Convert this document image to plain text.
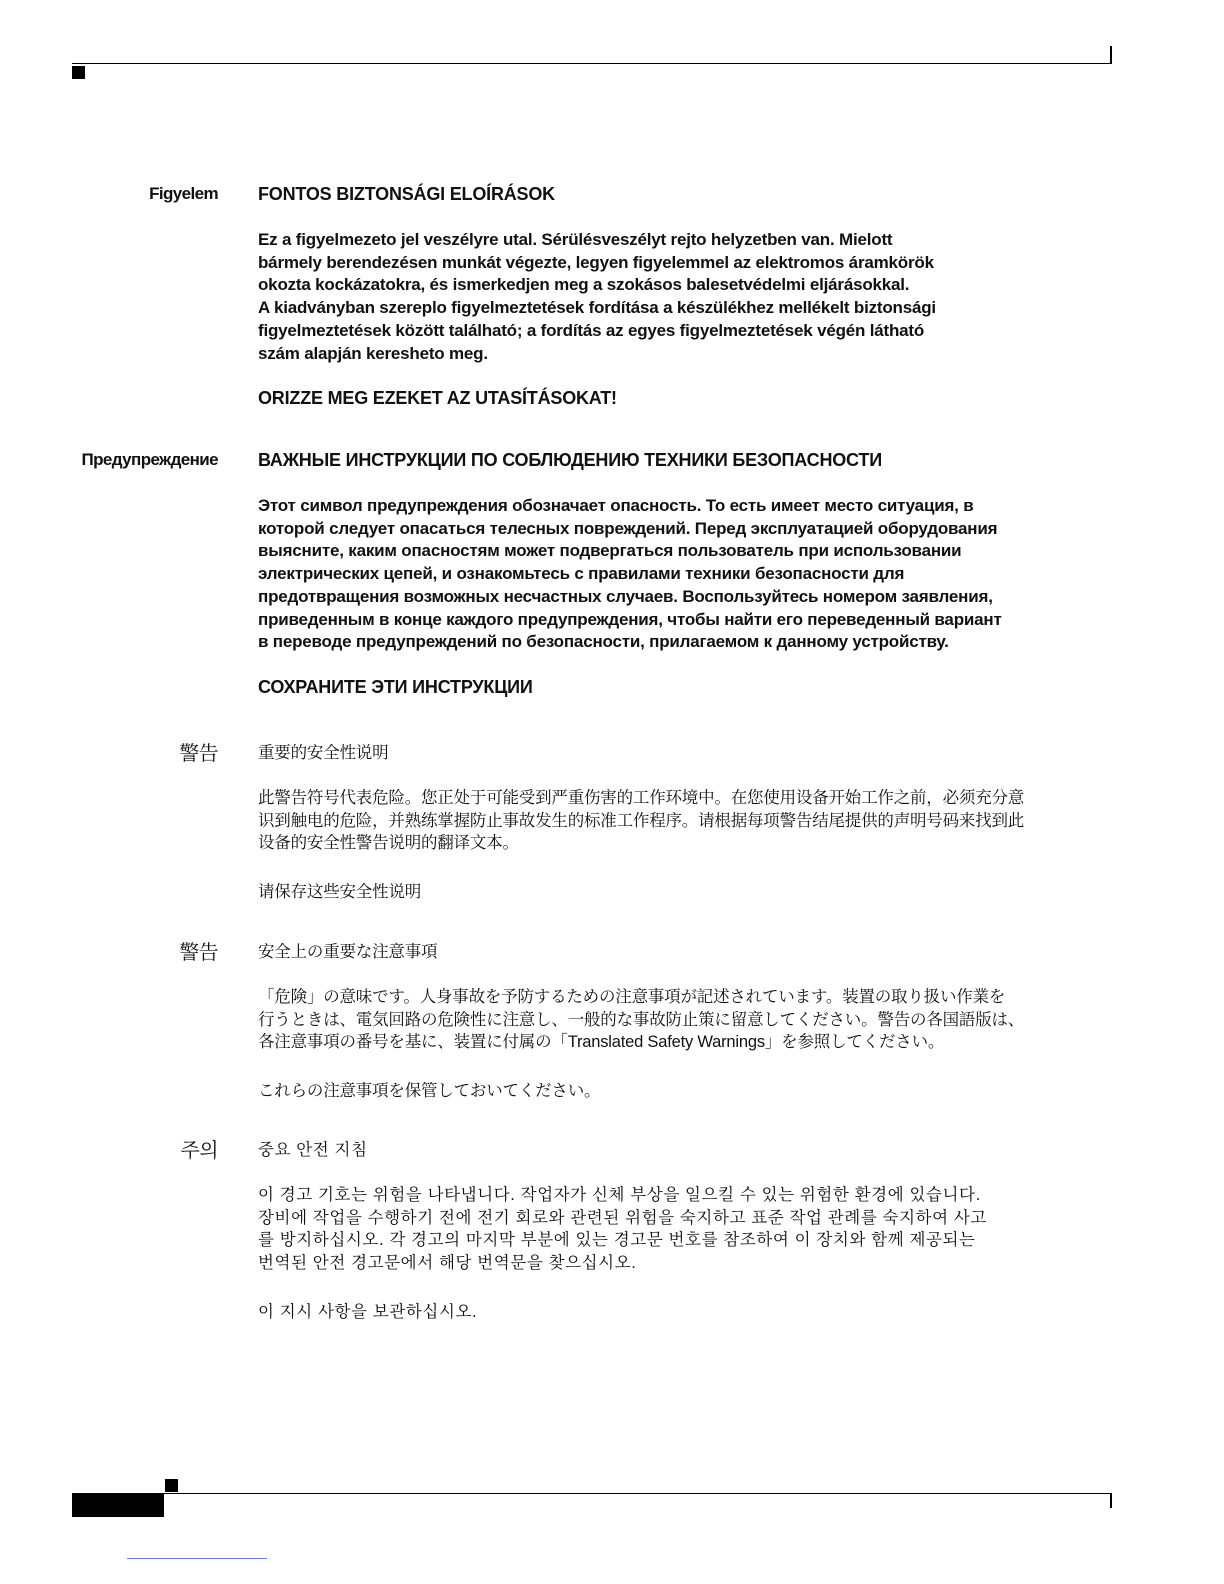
Figyelem FONTOS BIZTONSÁGI ELOÍRÁSOK
Ez a figyelmezeto jel veszélyre utal. Sérülésveszélyt rejto helyzetben van. Mielott
bármely berendezésen munkát végezte, legyen figyelemmel az elektromos áramkörök
okozta kockázatokra, és ismerkedjen meg a szokásos balesetvédelmi eljárásokkal.
A kiadványban szereplo figyelmeztetések fordítása a készülékhez mellékelt biztonsági
figyelmeztetések között található; a fordítás az egyes figyelmeztetések végén látható
szám alapján keresheto meg.
ORIZZE MEG EZEKET AZ UTASÍTÁSOKAT!
Предупреждение ВАЖНЫЕ ИНСТРУКЦИИ ПО СОБЛЮДЕНИЮ ТЕХНИКИ БЕЗОПАСНОСТИ
Этот символ предупреждения обозначает опасность. То есть имеет место ситуация, в
которой следует опасаться телесных повреждений. Перед эксплуатацией оборудования
выясните, каким опасностям может подвергаться пользователь при использовании
электрических цепей, и ознакомьтесь с правилами техники безопасности для
предотвращения возможных несчастных случаев. Воспользуйтесь номером заявления,
приведенным в конце каждого предупреждения, чтобы найти его переведенный вариант
в переводе предупреждений по безопасности, прилагаемом к данному устройству.
СОХРАНИТЕ ЭТИ ИНСТРУКЦИИ
警告 重要的安全性说明
此警告符号代表危险。您正处于可能受到严重伤害的工作环境中。在您使用设备开始工作之前，必须充分意
识到触电的危险，并熟练掌握防止事故发生的标准工作程序。请根据每项警告结尾提供的声明号码来找到此
设备的安全性警告说明的翻译文本。
请保存这些安全性说明
警告 安全上の重要な注意事項
「危険」の意味です。人身事故を予防するための注意事項が記述されています。装置の取り扱い作業を
行うときは、電気回路の危険性に注意し、一般的な事故防止策に留意してください。警告の各国語版は、
各注意事項の番号を基に、装置に付属の「Translated Safety Warnings」を参照してください。
これらの注意事項を保管しておいてください。
주의 중요 안전 지침
이 경고 기호는 위험을 나타냅니다. 작업자가 신체 부상을 일으킬 수 있는 위험한 환경에 있습니다.
장비에 작업을 수행하기 전에 전기 회로와 관련된 위험을 숙지하고 표준 작업 관례를 숙지하여 사고
를 방지하십시오. 각 경고의 마지막 부분에 있는 경고문 번호를 참조하여 이 장치와 함께 제공되는
번역된 안전 경고문에서 해당 번역문을 찾으십시오.
이 지시 사항을 보관하십시오.
